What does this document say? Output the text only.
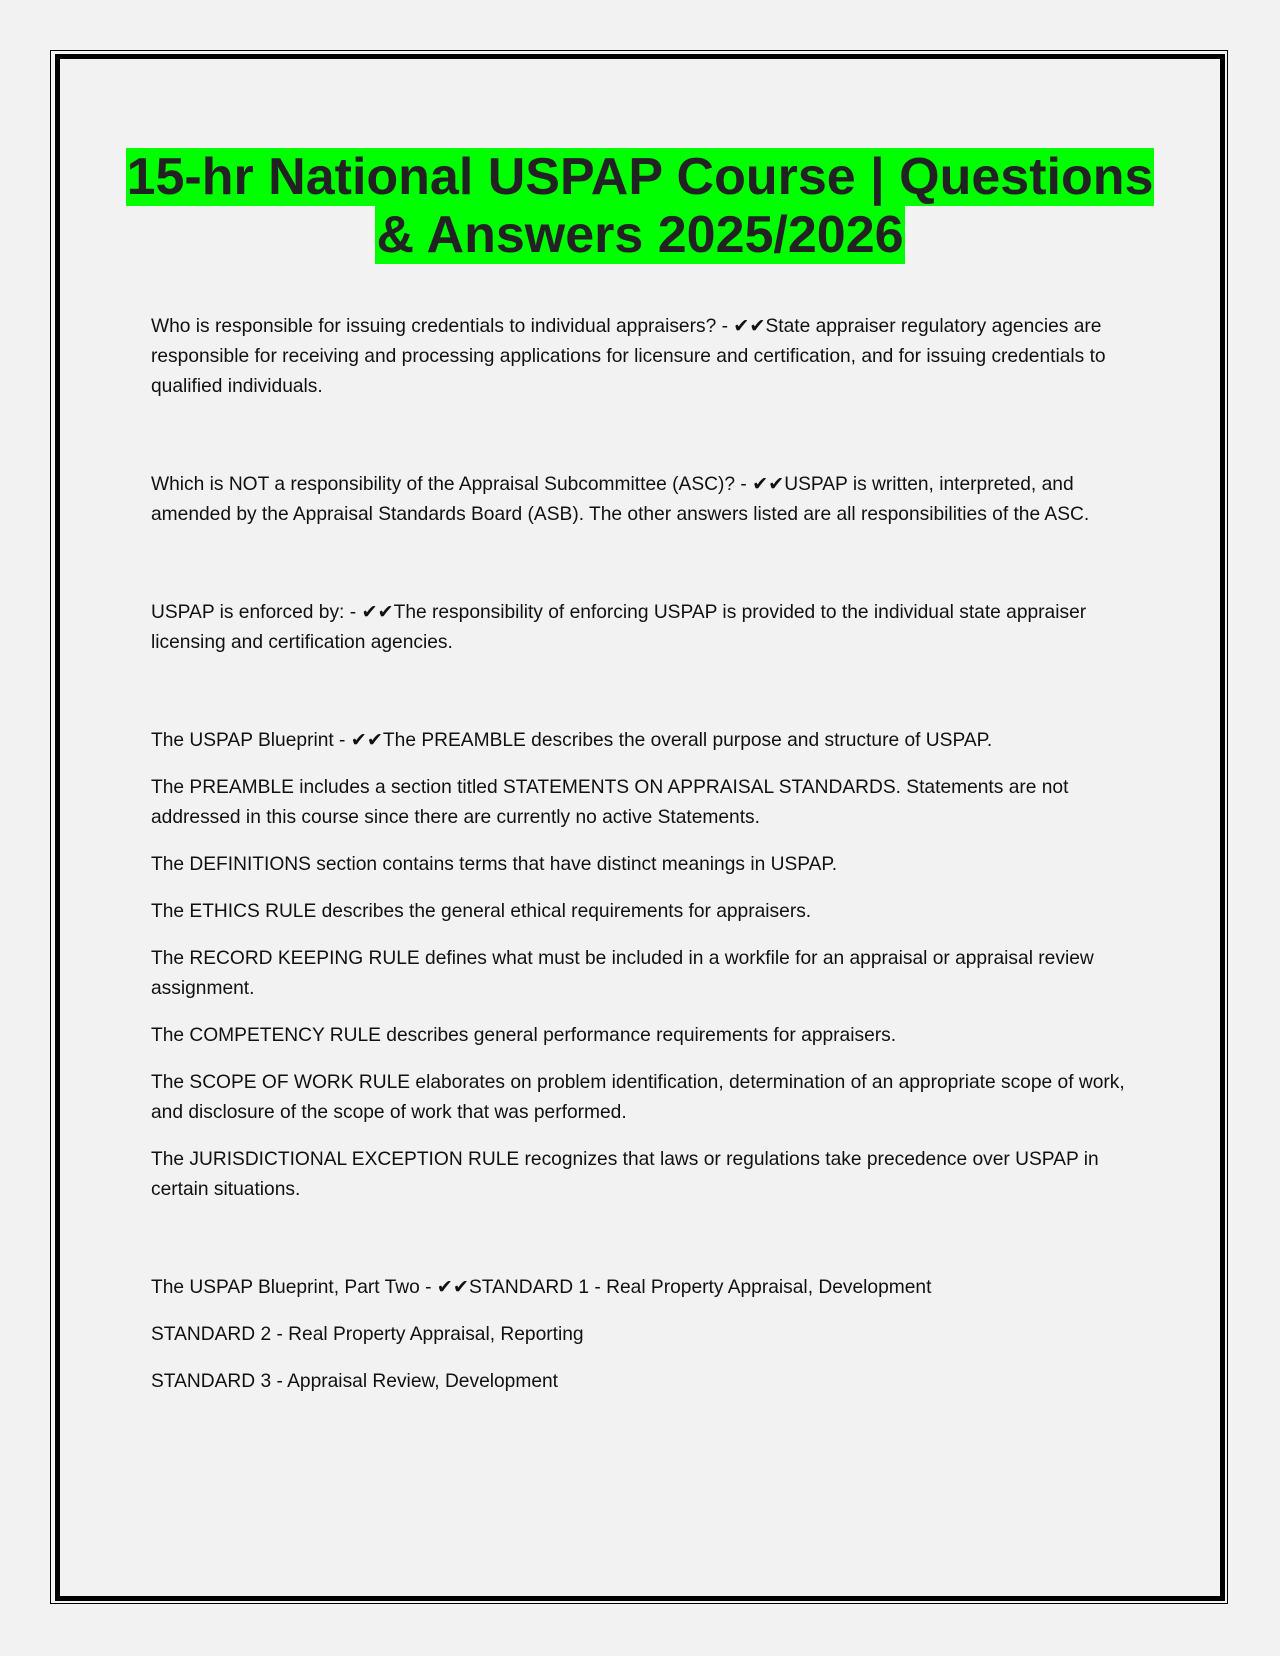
15-hr National USPAP Course | Questions
& Answers 2025/2026

Who is responsible for issuing credentials to individual appraisers? - ✔✔State appraiser regulatory agencies are responsible for receiving and processing applications for licensure and certification, and for issuing credentials to qualified individuals.

Which is NOT a responsibility of the Appraisal Subcommittee (ASC)? - ✔✔USPAP is written, interpreted, and amended by the Appraisal Standards Board (ASB). The other answers listed are all responsibilities of the ASC.

USPAP is enforced by: - ✔✔The responsibility of enforcing USPAP is provided to the individual state appraiser licensing and certification agencies.

The USPAP Blueprint - ✔✔The PREAMBLE describes the overall purpose and structure of USPAP.

The PREAMBLE includes a section titled STATEMENTS ON APPRAISAL STANDARDS. Statements are not addressed in this course since there are currently no active Statements.

The DEFINITIONS section contains terms that have distinct meanings in USPAP.

The ETHICS RULE describes the general ethical requirements for appraisers.

The RECORD KEEPING RULE defines what must be included in a workfile for an appraisal or appraisal review assignment.

The COMPETENCY RULE describes general performance requirements for appraisers.

The SCOPE OF WORK RULE elaborates on problem identification, determination of an appropriate scope of work, and disclosure of the scope of work that was performed.

The JURISDICTIONAL EXCEPTION RULE recognizes that laws or regulations take precedence over USPAP in certain situations.

The USPAP Blueprint, Part Two - ✔✔STANDARD 1 - Real Property Appraisal, Development

STANDARD 2 - Real Property Appraisal, Reporting

STANDARD 3 - Appraisal Review, Development
